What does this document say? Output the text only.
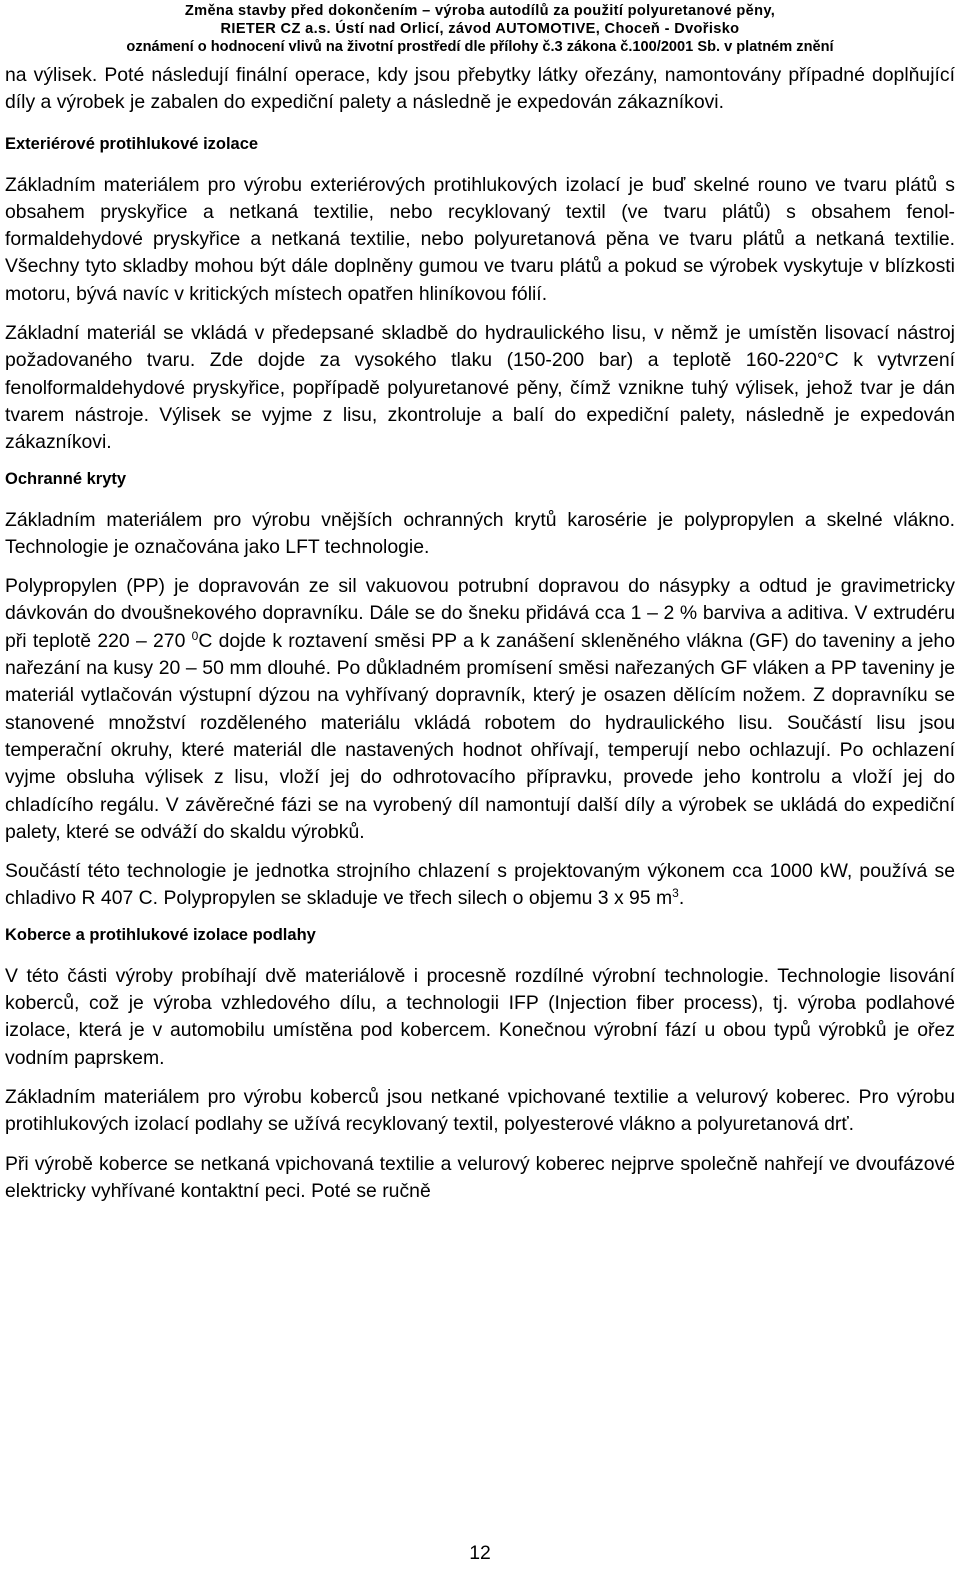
Změna stavby před dokončením – výroba autodílů za použití polyuretanové pěny,
RIETER CZ a.s. Ústí nad Orlicí, závod AUTOMOTIVE, Choceň - Dvořisko
oznámení o hodnocení vlivů na životní prostředí dle přílohy č.3 zákona č.100/2001 Sb. v platném znění

na výlisek. Poté následují finální operace, kdy jsou přebytky látky ořezány, namontovány případné doplňující díly a výrobek je zabalen do expediční palety a následně je expedován zákazníkovi.

Exteriérové protihlukové izolace

Základním materiálem pro výrobu exteriérových protihlukových izolací je buď skelné rouno ve tvaru plátů s obsahem pryskyřice a netkaná textilie, nebo recyklovaný textil (ve tvaru plátů) s obsahem fenol-formaldehydové pryskyřice a netkaná textilie, nebo polyuretanová pěna ve tvaru plátů a netkaná textilie. Všechny tyto skladby mohou být dále doplněny gumou ve tvaru plátů a pokud se výrobek vyskytuje v blízkosti motoru, bývá navíc v kritických místech opatřen hliníkovou fólií.

Základní materiál se vkládá v předepsané skladbě do hydraulického lisu, v němž je umístěn lisovací nástroj požadovaného tvaru. Zde dojde za vysokého tlaku (150-200 bar) a teplotě 160-220°C k vytvrzení fenolformaldehydové pryskyřice, popřípadě polyuretanové pěny, čímž vznikne tuhý výlisek, jehož tvar je dán tvarem nástroje. Výlisek se vyjme z lisu, zkontroluje a balí do expediční palety, následně je expedován zákazníkovi.

Ochranné kryty

Základním materiálem pro výrobu vnějších ochranných krytů karosérie je polypropylen a skelné vlákno. Technologie je označována jako LFT technologie.

Polypropylen (PP) je dopravován ze sil vakuovou potrubní dopravou do násypky a odtud je gravimetricky dávkován do dvoušnekového dopravníku. Dále se do šneku přidává cca 1 – 2 % barviva a aditiva. V extrudéru při teplotě 220 – 270 $^0$C dojde k roztavení směsi PP a k zanášení skleněného vlákna (GF) do taveniny a jeho nařezání na kusy 20 – 50 mm dlouhé. Po důkladném promísení směsi nařezaných GF vláken a PP taveniny je materiál vytlačován výstupní dýzou na vyhřívaný dopravník, který je osazen dělícím nožem. Z dopravníku se stanovené množství rozděleného materiálu vkládá robotem do hydraulického lisu. Součástí lisu jsou temperační okruhy, které materiál dle nastavených hodnot ohřívají, temperují nebo ochlazují. Po ochlazení vyjme obsluha výlisek z lisu, vloží jej do odhrotovacího přípravku, provede jeho kontrolu a vloží jej do chladícího regálu. V závěrečné fázi se na vyrobený díl namontují další díly a výrobek se ukládá do expediční palety, které se odváží do skaldu výrobků.

Součástí této technologie je jednotka strojního chlazení s projektovaným výkonem cca 1000 kW, používá se chladivo R 407 C. Polypropylen se skladuje ve třech silech o objemu 3 x 95 $m^3$.

Koberce a protihlukové izolace podlahy

V této části výroby probíhají dvě materiálově i procesně rozdílné výrobní technologie. Technologie lisování koberců, což je výroba vzhledového dílu, a technologii IFP (Injection fiber process), tj. výroba podlahové izolace, která je v automobilu umístěna pod kobercem. Konečnou výrobní fází u obou typů výrobků je ořez vodním paprskem.

Základním materiálem pro výrobu koberců jsou netkané vpichované textilie a velurový koberec. Pro výrobu protihlukových izolací podlahy se užívá recyklovaný textil, polyesterové vlákno a polyuretanová drť.

Při výrobě koberce se netkaná vpichovaná textilie a velurový koberec nejprve společně nahřejí ve dvoufázové elektricky vyhřívané kontaktní peci. Poté se ručně

12
